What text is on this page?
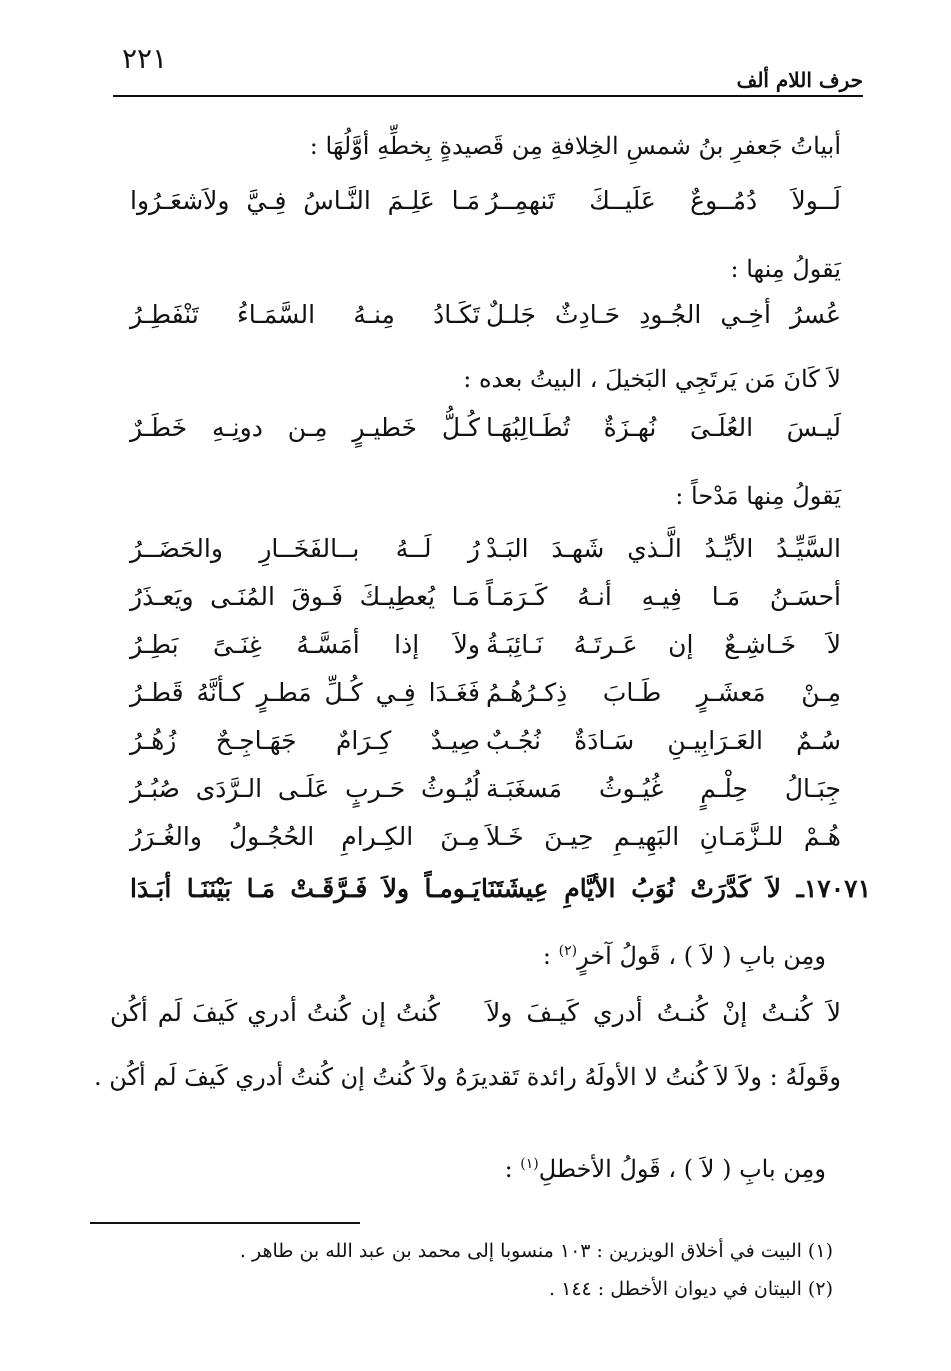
٢٢١
حرف اللام ألف
أبياتُ جَعفرِ بنُ شمسِ الخِلافةِ مِن قَصيدةٍ بِخطِّهِ أوَّلُهَا :
لَــولاَ دُمُــوعٌ عَلَيــكَ تَنهمِــرُ
مَـا عَلِـمَ النَّـاسُ فِـيَّ ولاَشعَـرُوا
يَقولُ مِنها :
عُسرُ أخِـي الجُـودِ حَـادِثٌ جَلـلٌ
تَكَـادُ مِنـهُ السَّمَـاءُ تَنْفَطِـرُ
لاَ كَانَ مَن يَرتَجِي البَخيلَ ، البيتُ بعده :
لَيـسَ العُلَـىَ نُهـزَةٌ تُطَـالِبُهَـا
كُـلُّ خَطيـرٍ مِـن دونِـهِ خَطَـرٌ
يَقولُ مِنها مَدْحاً :
السَّيِّـدُ الأيِّـدُ الَّـذي شَهـدَ البَـدْ
رُ لَــهُ بــالفَخَــارِ والحَضَــرُ
أحسَـنُ مَـا فِيـهِ أنـهُ كَـرَمَـاً
مَـا يُعطِيـكَ فَـوقَ المُنَـى ويَعـذَرُ
لاَ خَـاشِـعٌ إن عَـرتَـهُ نَـائِبَـةُ
ولاَ إذا أمَسَّـهُ غِنَـىً بَطِـرُ
مِـنْ مَعشَـرٍ طَـابَ ذِكـرُهُـمُ
فَغَـدَا فِـي كُـلِّ مَطـرٍ كـأنَّهُ قَطـرُ
سُـمٌ العَـرَابِيـنِ سَـادَةٌ نُجُـبٌ
صِيـدٌ كِـرَامٌ جَهَـاجِـحٌ زُهُـرُ
جِبَـالُ حِلْـمٍ غُيُـوثُ مَسغَبَـة
لُيُـوثُ حَـربٍ عَلَـى الـرَّدَى صُبُـرُ
هُـمْ للـزَّمَـانِ البَهِيـمِ حِيـنَ خَـلاَ
مِـنَ الكِـرامِ الحُجُـولُ والغُـرَرُ
١٧٠٧١ـ
لاَ كَدَّرَتْ نُوَبُ الأيَّامِ عِيشَتَنَا
يَـومـاً ولاَ فَـرَّقَـتْ مَـا بَيْنَنَـا أبَـدَا
ومِن بابِ ( لاَ ) ، قَولُ آخرٍ$^{(٢)}$ :
لاَ كُنـتُ إنْ كُنـتُ أدري كَيـفَ ولاَ
كُنتُ إن كُنتُ أدري كَيفَ لَم أكُن
وقَولَهُ : ولاَ لاَ كُنتُ لا الأولَهُ رائدة تَقديرَهُ ولاَ كُنتُ إن كُنتُ أدري كَيفَ لَم أكُن .
ومِن بابِ ( لاَ ) ، قَولُ الأخطلِ$^{(١)}$ :
(١) البيت في أخلاق الويزرين : ١٠٣ منسوبا إلى محمد بن عبد الله بن طاهر .
(٢) البيتان في ديوان الأخطل : ١٤٤ .
